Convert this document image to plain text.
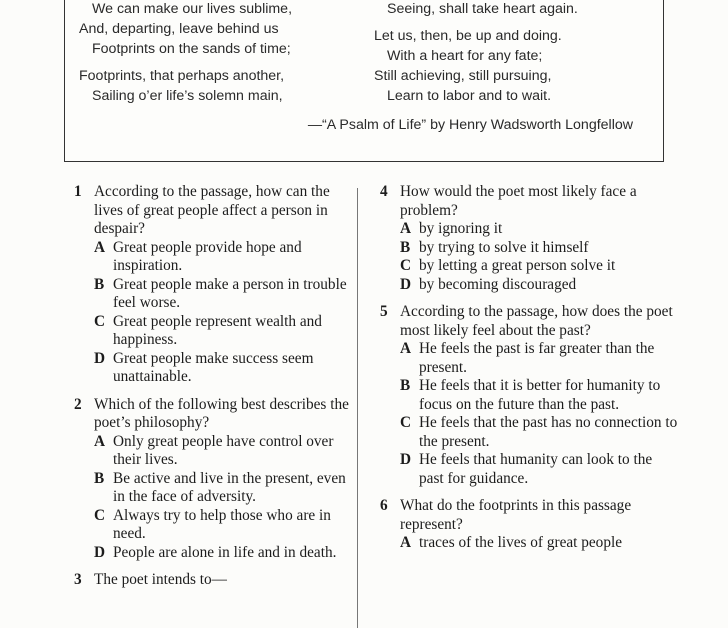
We can make our lives sublime,
And, departing, leave behind us
Footprints on the sands of time;
Footprints, that perhaps another,
Sailing o’er life’s solemn main,
Seeing, shall take heart again.
Let us, then, be up and doing.
With a heart for any fate;
Still achieving, still pursuing,
Learn to labor and to wait.

—“A Psalm of Life” by Henry Wadsworth Longfellow

1 According to the passage, how can the lives of great people affect a person in despair?

A Great people provide hope and inspiration.
B Great people make a person in trouble feel worse.
C Great people represent wealth and happiness.
D Great people make success seem unattainable.
2 Which of the following best describes the poet’s philosophy?

A Only great people have control over their lives.
B Be active and live in the present, even in the face of adversity.
C Always try to help those who are in need.
D People are alone in life and in death.
3 The poet intends to—

4 How would the poet most likely face a problem?

A by ignoring it
B by trying to solve it himself
C by letting a great person solve it
D by becoming discouraged
5 According to the passage, how does the poet most likely feel about the past?

A He feels the past is far greater than the present.
B He feels that it is better for humanity to focus on the future than the past.
C He feels that the past has no connection to the present.
D He feels that humanity can look to the past for guidance.
6 What do the footprints in this passage represent?

A traces of the lives of great people
